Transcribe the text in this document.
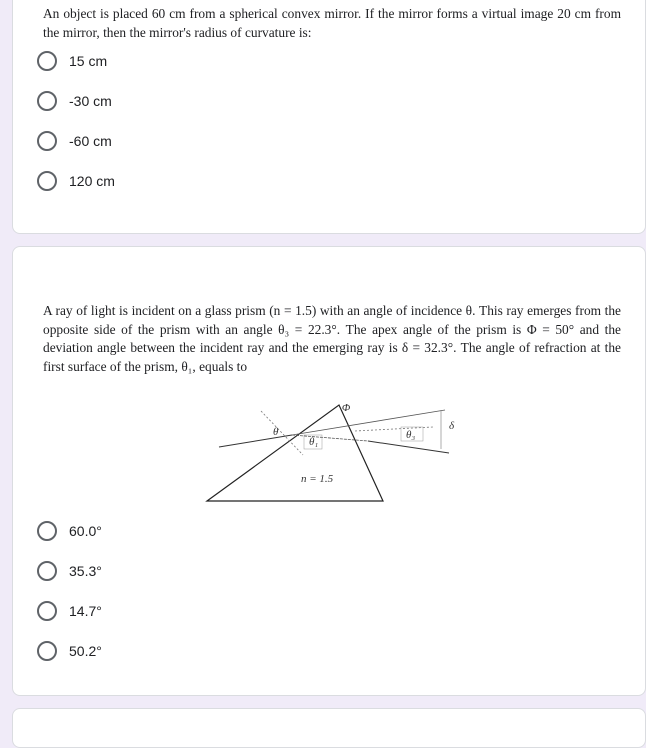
An object is placed 60 cm from a spherical convex mirror. If the mirror forms a virtual image 20 cm from the mirror, then the mirror's radius of curvature is:

15 cm
-30 cm
-60 cm
120 cm

A ray of light is incident on a glass prism (n = 1.5) with an angle of incidence θ. This ray emerges from the opposite side of the prism with an angle θ₃ = 22.3°. The apex angle of the prism is Φ = 50° and the deviation angle between the incident ray and the emerging ray is δ = 32.3°. The angle of refraction at the first surface of the prism, θ₁, equals to

Φ
θ
θ₁
θ₃
δ
n = 1.5
60.0°
35.3°
14.7°
50.2°
